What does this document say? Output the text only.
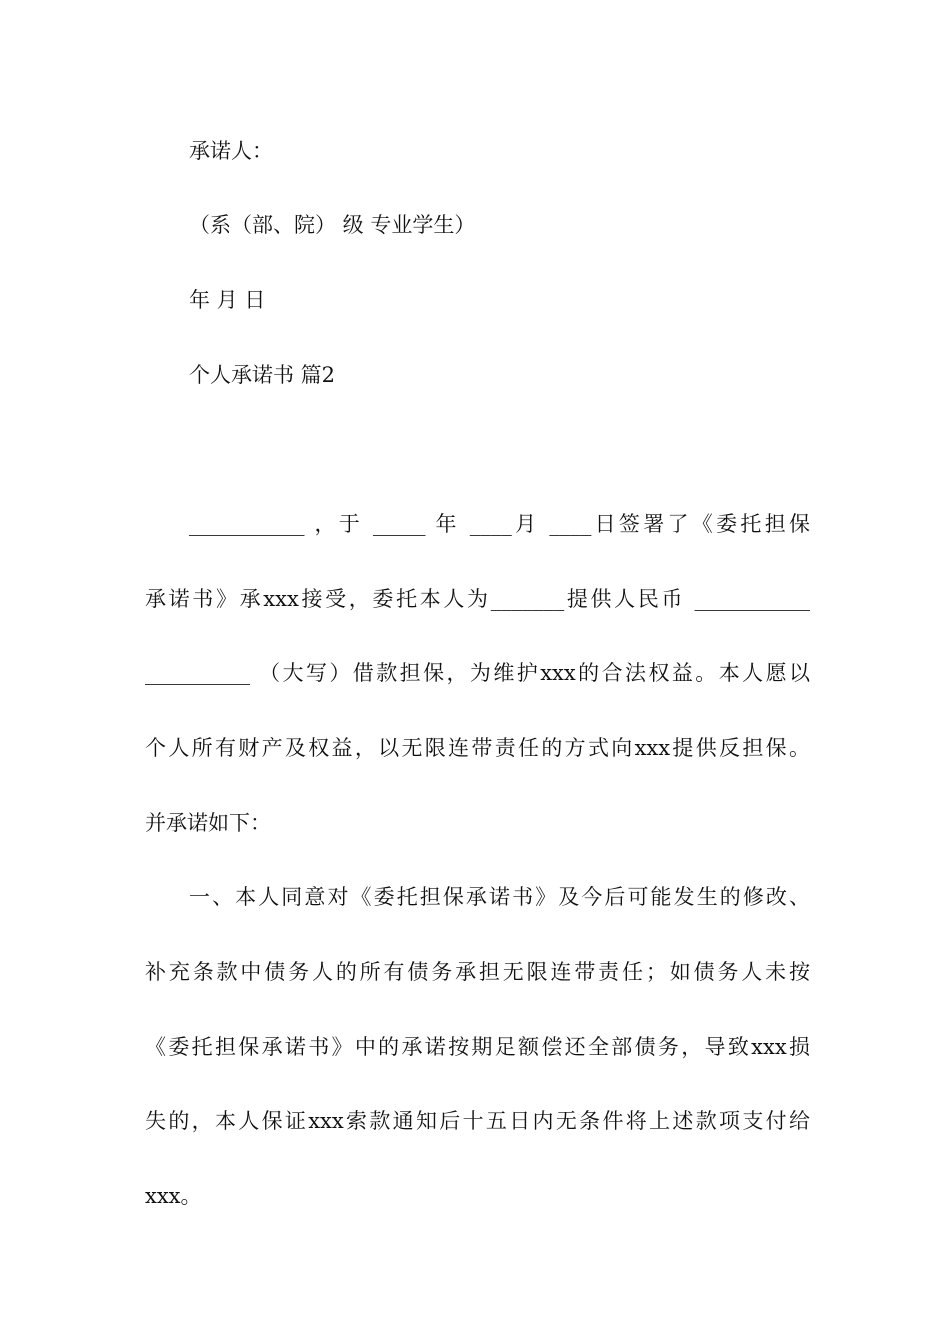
承诺人：
（系（部、院） 级 专业学生）
年 月 日
个人承诺书 篇2
___________ ，于 _____ 年 ____月 ____日签署了《委托担保
承诺书》承xxx接受，委托本人为_______提供人民币 ___________
__________ （大写）借款担保，为维护xxx的合法权益。本人愿以
个人所有财产及权益，以无限连带责任的方式向xxx提供反担保。
并承诺如下：
一、本人同意对《委托担保承诺书》及今后可能发生的修改、
补充条款中债务人的所有债务承担无限连带责任；如债务人未按
《委托担保承诺书》中的承诺按期足额偿还全部债务，导致xxx损
失的，本人保证xxx索款通知后十五日内无条件将上述款项支付给
xxx。
